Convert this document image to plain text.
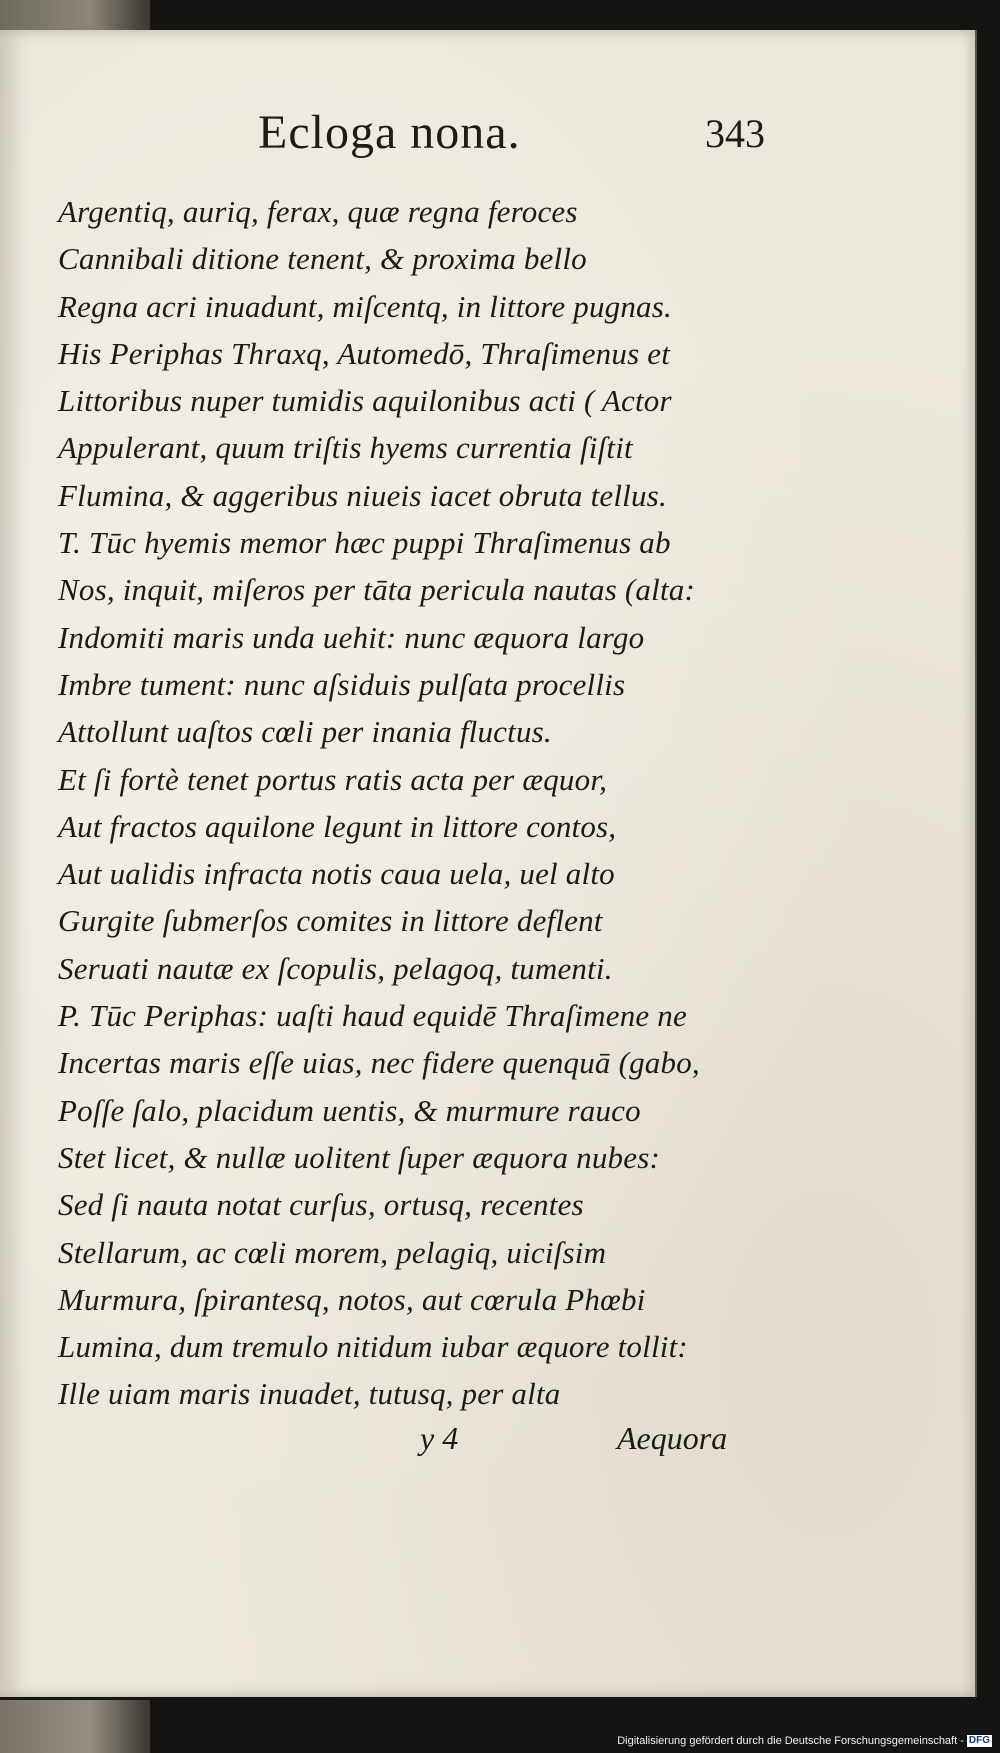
Ecloga nona.	343
Argentiq, auriq, ferax, quæ regna feroces
Cannibali ditione tenent, & proxima bello
Regna acri inuadunt, miſcentq, in littore pugnas.
His Periphas Thraxq, Automedō, Thraſimenus et
Littoribus nuper tumidis aquilonibus acti ( Actor
Appulerant, quum triſtis hyems currentia ſiſtit
Flumina, & aggeribus niueis iacet obruta tellus.
T. Tūc hyemis memor hæc puppi Thraſimenus ab
Nos, inquit, miſeros per tāta pericula nautas (alta:
Indomiti maris unda uehit: nunc æquora largo
Imbre tument: nunc aſsiduis pulſata procellis
Attollunt uaſtos cœli per inania fluctus.
Et ſi fortè tenet portus ratis acta per æquor,
Aut fractos aquilone legunt in littore contos,
Aut ualidis infracta notis caua uela, uel alto
Gurgite ſubmerſos comites in littore deflent
Seruati nautæ ex ſcopulis, pelagoq, tumenti.
P. Tūc Periphas: uaſti haud equidē Thraſimene ne
Incertas maris eſſe uias, nec fidere quenquā (gabo,
Poſſe ſalo, placidum uentis, & murmure rauco
Stet licet, & nullæ uolitent ſuper æquora nubes:
Sed ſi nauta notat curſus, ortusq, recentes
Stellarum, ac cœli morem, pelagiq, uiciſsim
Murmura, ſpirantesq, notos, aut cœrula Phœbi
Lumina, dum tremulo nitidum iubar æquore tollit:
Ille uiam maris inuadet, tutusq, per alta
y 4	Aequora
Digitalisierung gefördert durch die Deutsche Forschungsgemeinschaft - DFG
